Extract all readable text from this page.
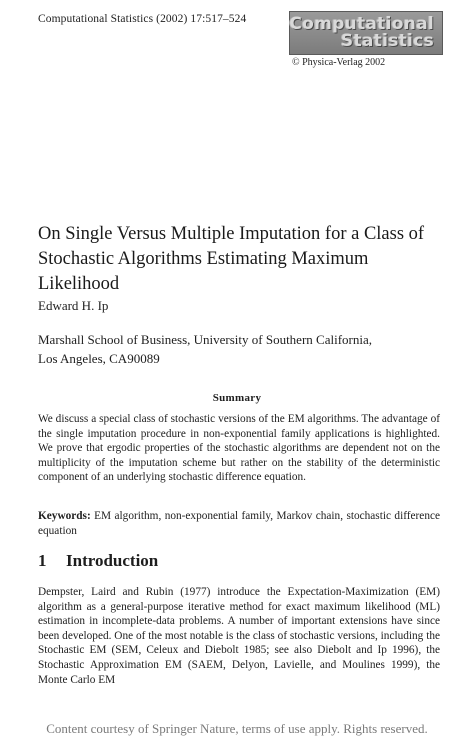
Computational Statistics (2002) 17:517–524	Computational
Statistics
© Physica-Verlag 2002
On Single Versus Multiple Imputation for a Class of Stochastic Algorithms Estimating Maximum Likelihood
Edward H. Ip
Marshall School of Business, University of Southern California,
Los Angeles, CA90089
Summary

We discuss a special class of stochastic versions of the EM algorithms. The advantage of the single imputation procedure in non-exponential family applications is highlighted. We prove that ergodic properties of the stochastic algorithms are dependent not on the multiplicity of the imputation scheme but rather on the stability of the deterministic component of an underlying stochastic difference equation.

Keywords: EM algorithm, non-exponential family, Markov chain, stochastic difference equation

1 Introduction

Dempster, Laird and Rubin (1977) introduce the Expectation-Maximization (EM) algorithm as a general-purpose iterative method for exact maximum likelihood (ML) estimation in incomplete-data problems. A number of important extensions have since been developed. One of the most notable is the class of stochastic versions, including the Stochastic EM (SEM, Celeux and Diebolt 1985; see also Diebolt and Ip 1996), the Stochastic Approximation EM (SAEM, Delyon, Lavielle, and Moulines 1999), the Monte Carlo EM

Content courtesy of Springer Nature, terms of use apply. Rights reserved.
